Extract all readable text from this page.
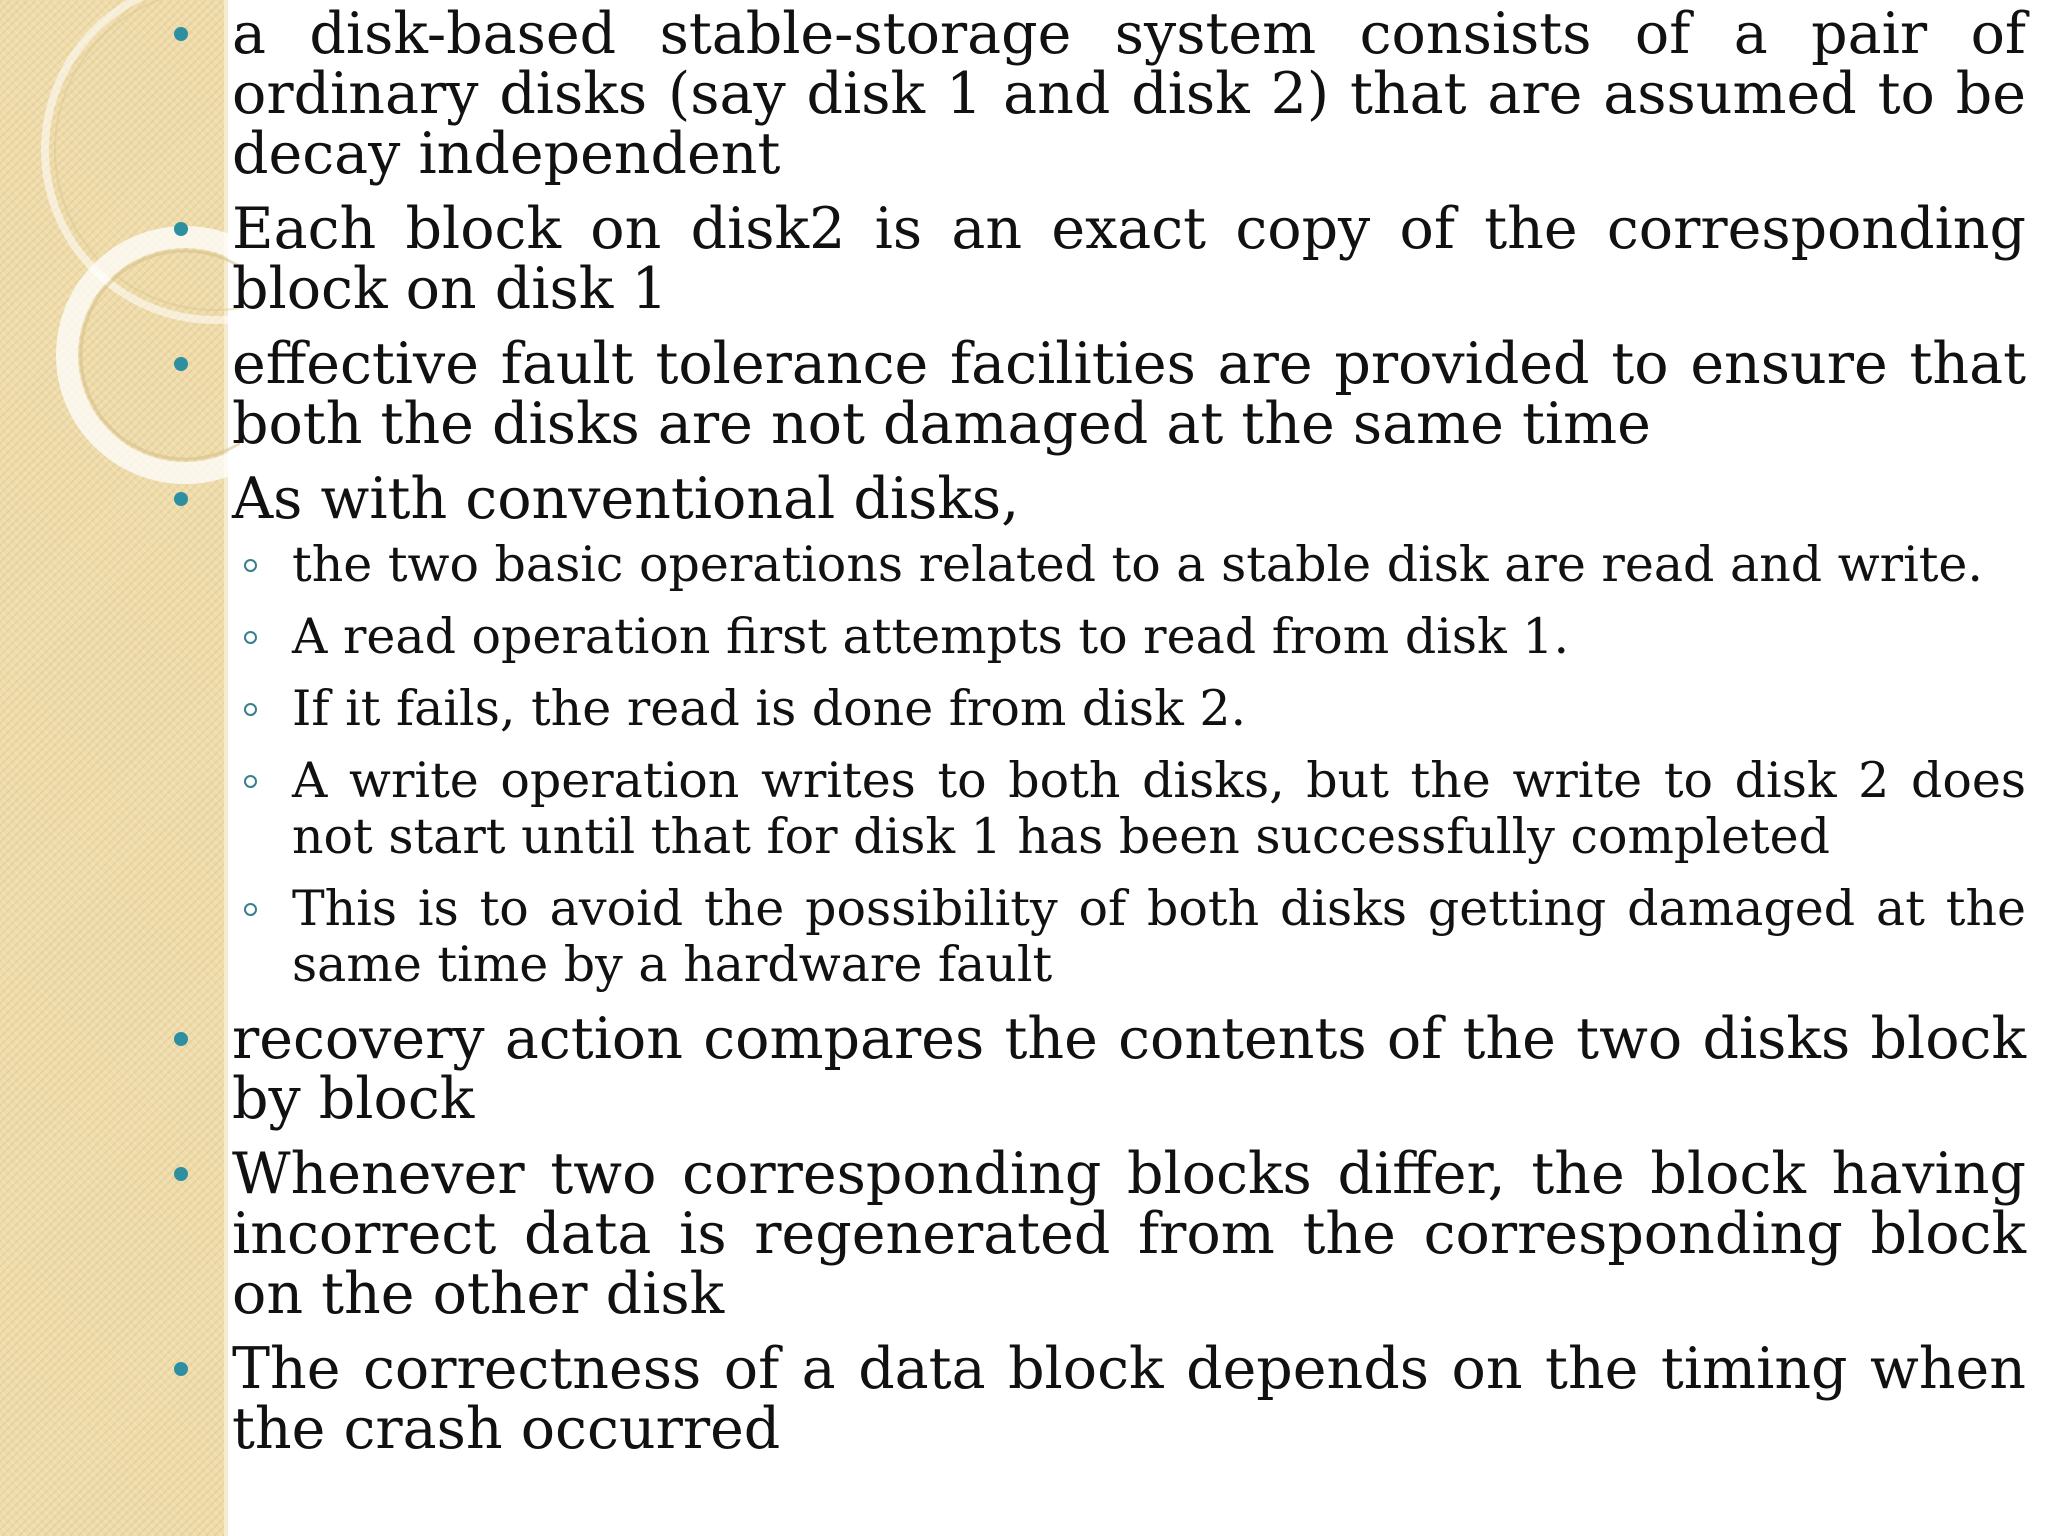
a disk-based stable-storage system consists of a pair of ordinary disks (say disk 1 and disk 2) that are assumed to be decay independent
Each block on disk2 is an exact copy of the corresponding block on disk 1
effective fault tolerance facilities are provided to ensure that both the disks are not damaged at the same time
As with conventional disks,
the two basic operations related to a stable disk are read and write.
A read operation first attempts to read from disk 1.
If it fails, the read is done from disk 2.
A write operation writes to both disks, but the write to disk 2 does not start until that for disk 1 has been successfully completed
This is to avoid the possibility of both disks getting damaged at the same time by a hardware fault
recovery action compares the contents of the two disks block by block
Whenever two corresponding blocks differ, the block having incorrect data is regenerated from the corresponding block on the other disk
The correctness of a data block depends on the timing when the crash occurred
